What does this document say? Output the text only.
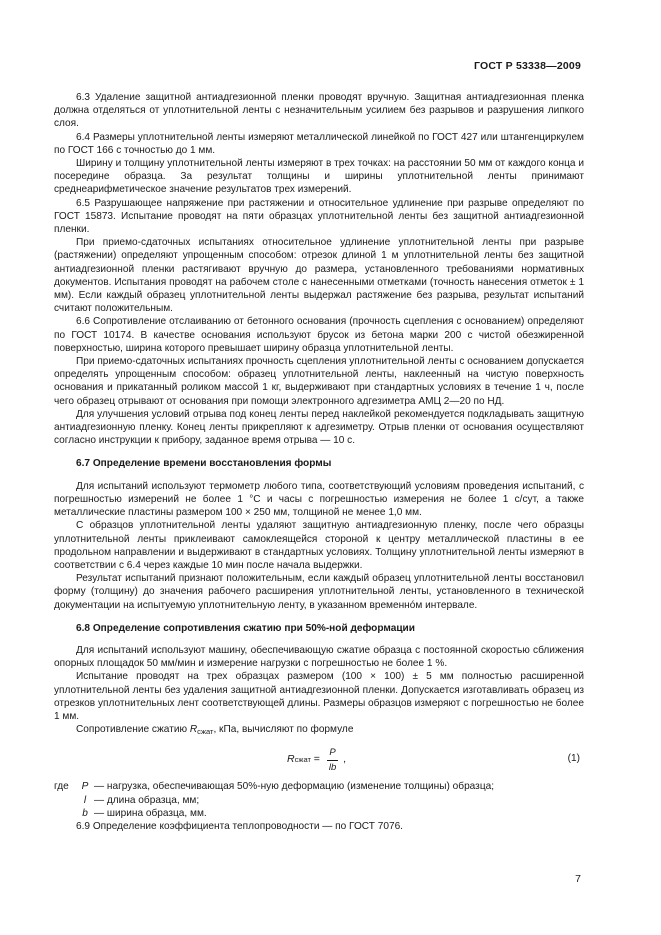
ГОСТ Р 53338—2009

6.3 Удаление защитной антиадгезионной пленки проводят вручную. Защитная антиадгезионная пленка должна отделяться от уплотнительной ленты с незначительным усилием без разрывов и разрушения липкого слоя.

6.4 Размеры уплотнительной ленты измеряют металлической линейкой по ГОСТ 427 или штангенциркулем по ГОСТ 166 с точностью до 1 мм.

Ширину и толщину уплотнительной ленты измеряют в трех точках: на расстоянии 50 мм от каждого конца и посередине образца. За результат толщины и ширины уплотнительной ленты принимают среднеарифметическое значение результатов трех измерений.

6.5 Разрушающее напряжение при растяжении и относительное удлинение при разрыве определяют по ГОСТ 15873. Испытание проводят на пяти образцах уплотнительной ленты без защитной антиадгезионной пленки.

При приемо-сдаточных испытаниях относительное удлинение уплотнительной ленты при разрыве (растяжении) определяют упрощенным способом: отрезок длиной 1 м уплотнительной ленты без защитной антиадгезионной пленки растягивают вручную до размера, установленного требованиями нормативных документов. Испытания проводят на рабочем столе с нанесенными отметками (точность нанесения отметок ± 1 мм). Если каждый образец уплотнительной ленты выдержал растяжение без разрыва, результат испытаний считают положительным.

6.6 Сопротивление отслаиванию от бетонного основания (прочность сцепления с основанием) определяют по ГОСТ 10174. В качестве основания используют брусок из бетона марки 200 с чистой обезжиренной поверхностью, ширина которого превышает ширину образца уплотнительной ленты.

При приемо-сдаточных испытаниях прочность сцепления уплотнительной ленты с основанием допускается определять упрощенным способом: образец уплотнительной ленты, наклеенный на чистую поверхность основания и прикатанный роликом массой 1 кг, выдерживают при стандартных условиях в течение 1 ч, после чего образец отрывают от основания при помощи электронного адгезиметра АМЦ 2—20 по НД.

Для улучшения условий отрыва под конец ленты перед наклейкой рекомендуется подкладывать защитную антиадгезионную пленку. Конец ленты прикрепляют к адгезиметру. Отрыв пленки от основания осуществляют согласно инструкции к прибору, заданное время отрыва — 10 с.

6.7 Определение времени восстановления формы

Для испытаний используют термометр любого типа, соответствующий условиям проведения испытаний, с погрешностью измерений не более 1 °C и часы с погрешностью измерения не более 1 с/сут, а также металлические пластины размером 100 × 250 мм, толщиной не менее 1,0 мм.

С образцов уплотнительной ленты удаляют защитную антиадгезионную пленку, после чего образцы уплотнительной ленты приклеивают самоклеящейся стороной к центру металлической пластины в ее продольном направлении и выдерживают в стандартных условиях. Толщину уплотнительной ленты измеряют в соответствии с 6.4 через каждые 10 мин после начала выдержки.

Результат испытаний признают положительным, если каждый образец уплотнительной ленты восстановил форму (толщину) до значения рабочего расширения уплотнительной ленты, установленного в технической документации на испытуемую уплотнительную ленту, в указанном временнóм интервале.

6.8 Определение сопротивления сжатию при 50%-ной деформации

Для испытаний используют машину, обеспечивающую сжатие образца с постоянной скоростью сближения опорных площадок 50 мм/мин и измерение нагрузки с погрешностью не более 1 %.

Испытание проводят на трех образцах размером (100 × 100) ± 5 мм полностью расширенной уплотнительной ленты без удаления защитной антиадгезионной пленки. Допускается изготавливать образец из отрезков уплотнительных лент соответствующей длины. Размеры образцов измеряют с погрешностью не более 1 мм.

Сопротивление сжатию $R_{сжат}$, кПа, вычисляют по формуле

R сжат = $\frac{P}{lb}$ ,	(1)
где	P — нагрузка, обеспечивающая 50%-ную деформацию (изменение толщины) образца;
l — длина образца, мм;
b — ширина образца, мм.

6.9 Определение коэффициента теплопроводности — по ГОСТ 7076.

7
